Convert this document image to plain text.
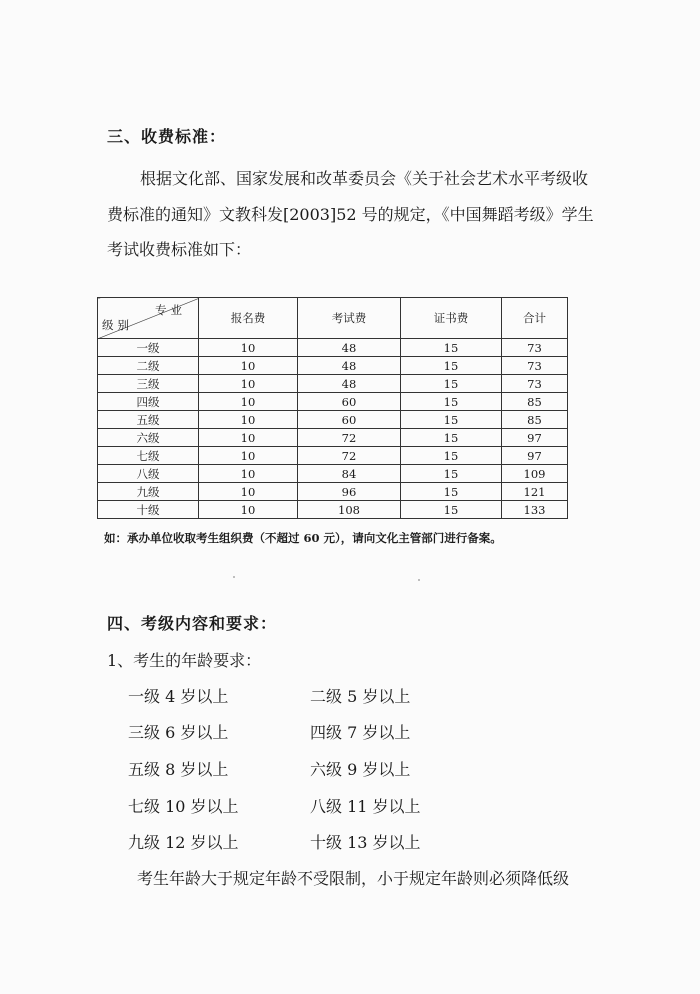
三、收费标准：
根据文化部、国家发展和改革委员会《关于社会艺术水平考级收
费标准的通知》文教科发[2003]52 号的规定，《中国舞蹈考级》学生
考试收费标准如下：
专业
级别	报名费	考试费	证书费	合计
一级	10	48	15	73
二级	10	48	15	73
三级	10	48	15	73
四级	10	60	15	85
五级	10	60	15	85
六级	10	72	15	97
七级	10	72	15	97
八级	10	84	15	109
九级	10	96	15	121
十级	10	108	15	133
如：承办单位收取考生组织费（不超过 60 元），请向文化主管部门进行备案。
四、考级内容和要求：
1、考生的年龄要求：
一级 4 岁以上	二级 5 岁以上
三级 6 岁以上	四级 7 岁以上
五级 8 岁以上	六级 9 岁以上
七级 10 岁以上	八级 11 岁以上
九级 12 岁以上	十级 13 岁以上
考生年龄大于规定年龄不受限制，小于规定年龄则必须降低级
